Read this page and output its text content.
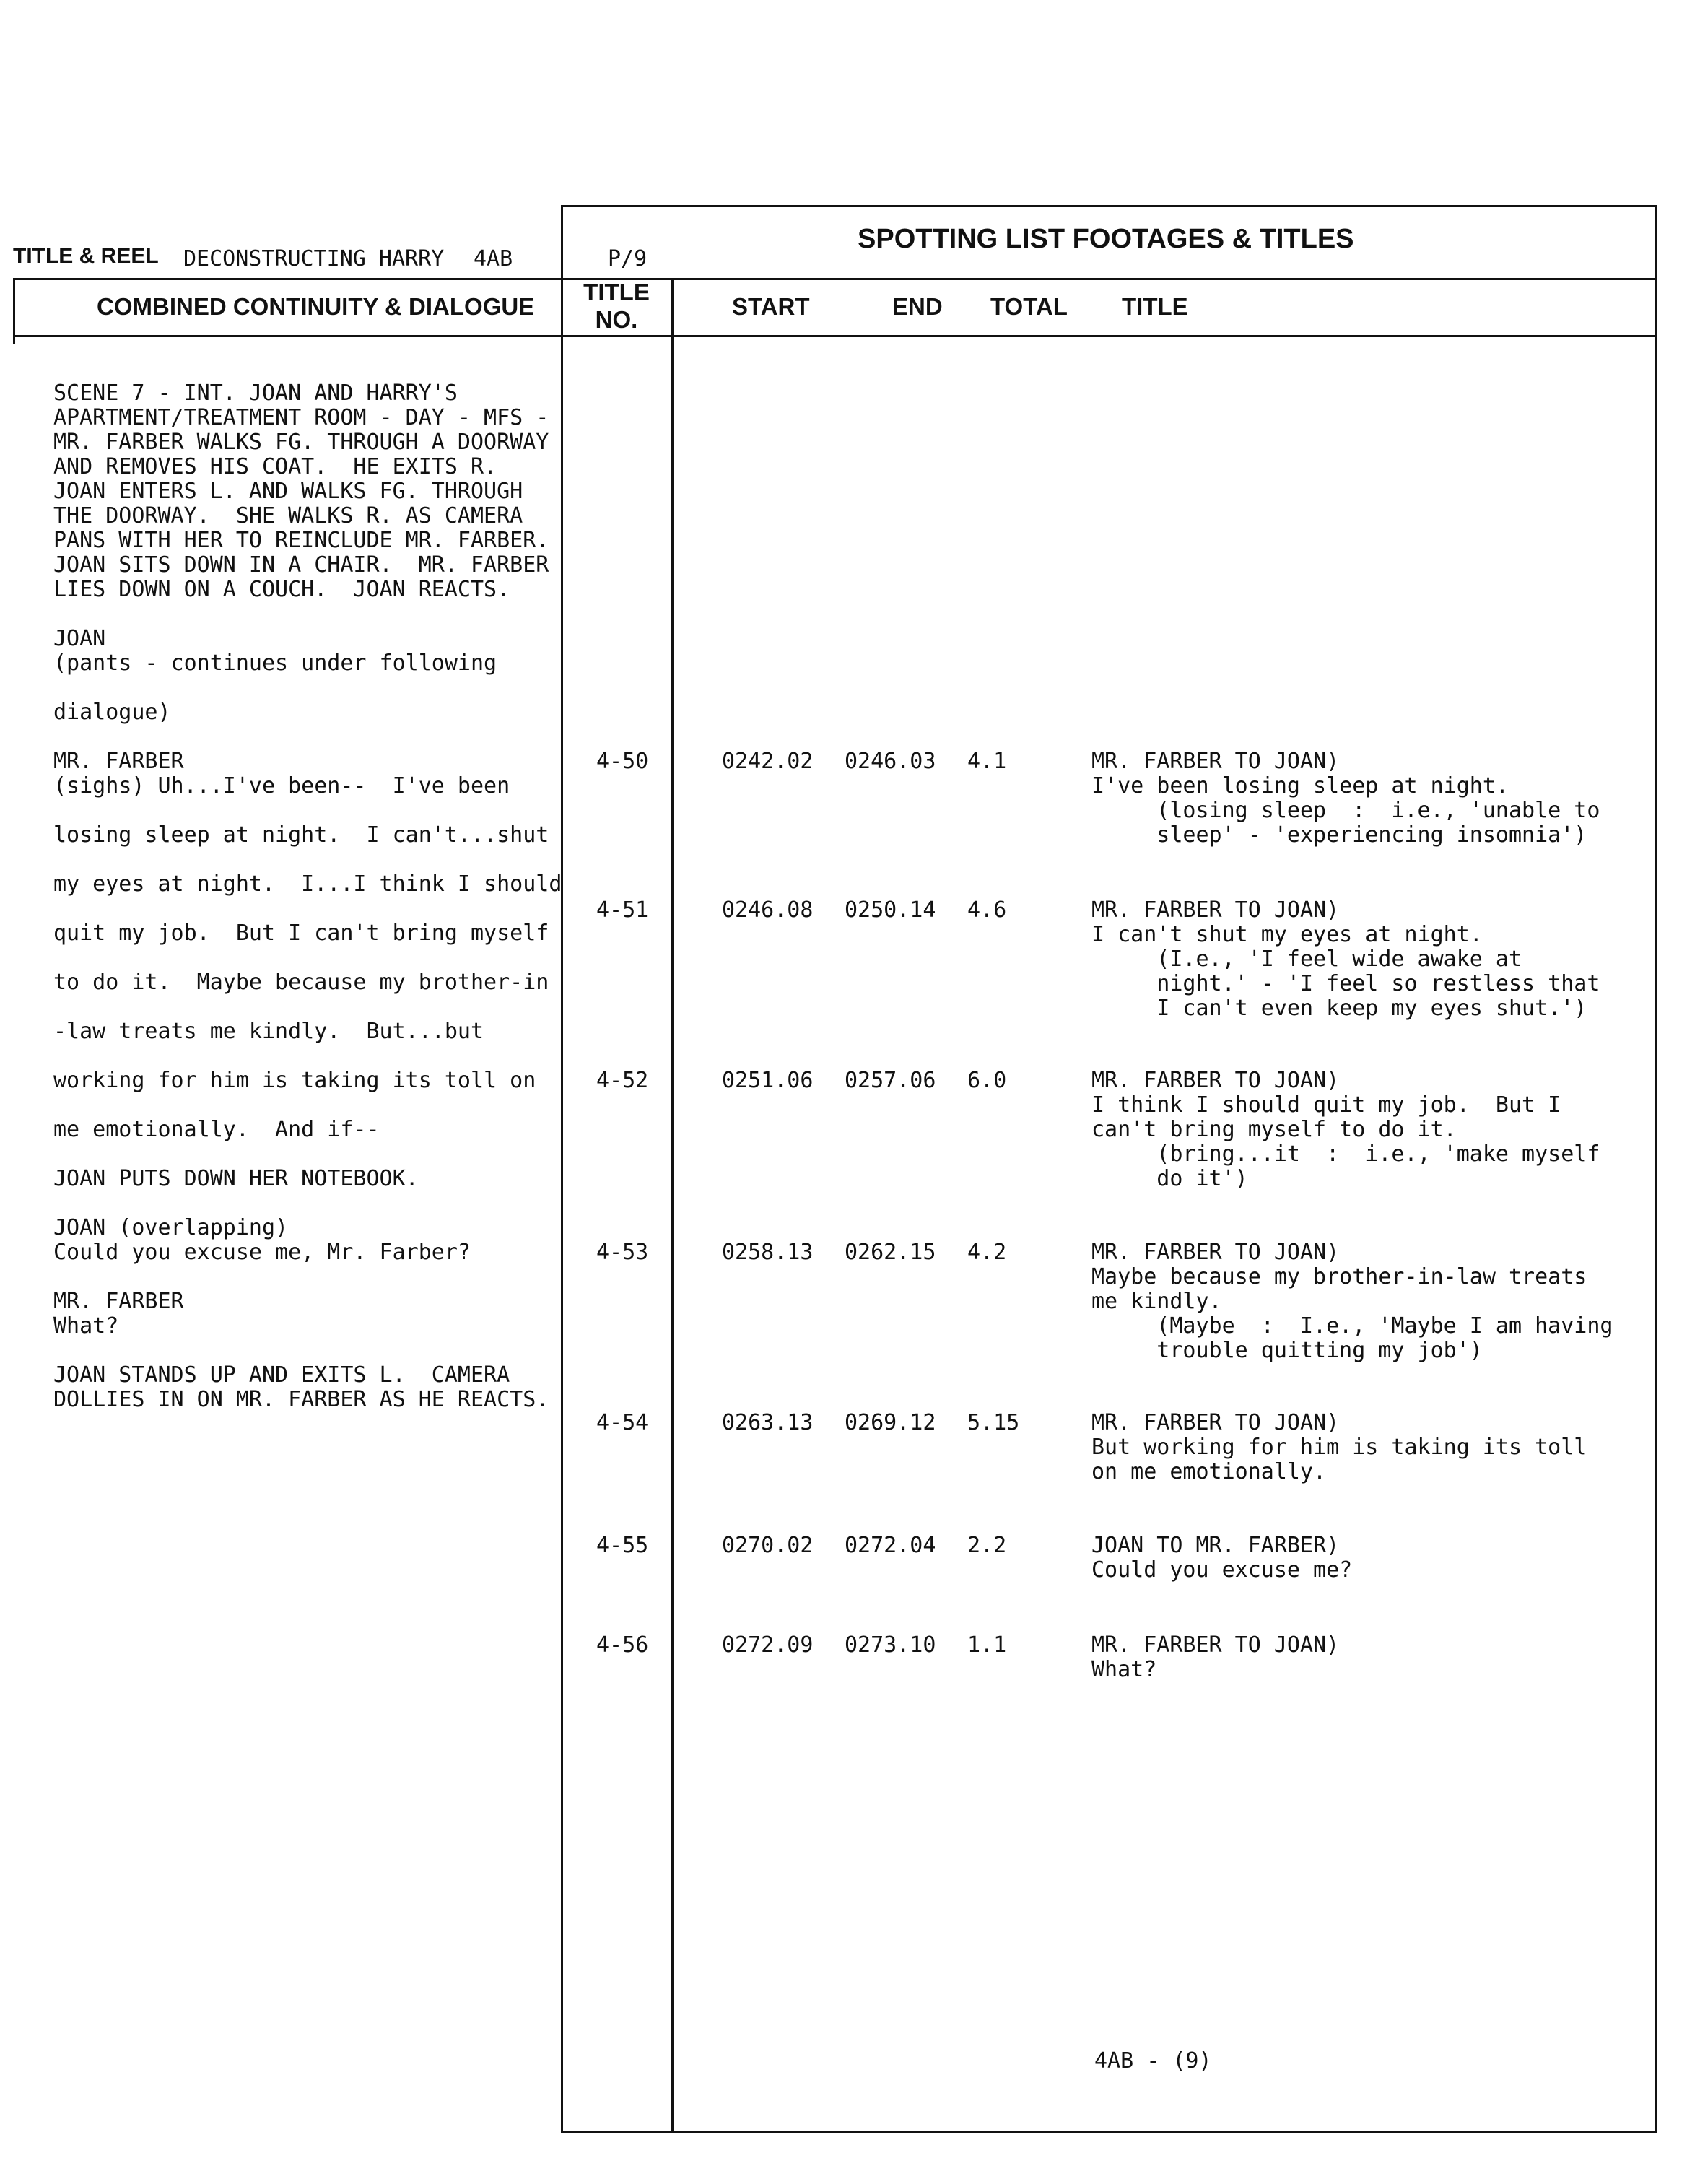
TITLE & REEL DECONSTRUCTING HARRY 4AB	P/9
SPOTTING LIST FOOTAGES & TITLES
COMBINED CONTINUITY & DIALOGUE
TITLE NO.	START	END TOTAL TITLE
SCENE 7 - INT. JOAN AND HARRY'S
APARTMENT/TREATMENT ROOM - DAY - MFS -
MR. FARBER WALKS FG. THROUGH A DOORWAY
AND REMOVES HIS COAT.  HE EXITS R.
JOAN ENTERS L. AND WALKS FG. THROUGH
THE DOORWAY.  SHE WALKS R. AS CAMERA
PANS WITH HER TO REINCLUDE MR. FARBER.
JOAN SITS DOWN IN A CHAIR.  MR. FARBER
LIES DOWN ON A COUCH.  JOAN REACTS.
JOAN
(pants - continues under following
dialogue)
MR. FARBER
(sighs) Uh...I've been--  I've been
losing sleep at night.  I can't...shut
my eyes at night.  I...I think I should
quit my job.  But I can't bring myself
to do it.  Maybe because my brother-in
-law treats me kindly.  But...but
working for him is taking its toll on
me emotionally.  And if--
JOAN PUTS DOWN HER NOTEBOOK.
JOAN (overlapping)
Could you excuse me, Mr. Farber?
MR. FARBER
What?
JOAN STANDS UP AND EXITS L.  CAMERA
DOLLIES IN ON MR. FARBER AS HE REACTS.
4-50	0242.02 0246.03 4.1	MR. FARBER TO JOAN)
I've been losing sleep at night.
(losing sleep  :  i.e., 'unable to
sleep' - 'experiencing insomnia')
4-51	0246.08 0250.14 4.6	MR. FARBER TO JOAN)
I can't shut my eyes at night.
(I.e., 'I feel wide awake at
night.' - 'I feel so restless that
I can't even keep my eyes shut.')
4-52	0251.06 0257.06 6.0	MR. FARBER TO JOAN)
I think I should quit my job.  But I
can't bring myself to do it.
(bring...it  :  i.e., 'make myself
do it')
4-53	0258.13 0262.15 4.2	MR. FARBER TO JOAN)
Maybe because my brother-in-law treats
me kindly.
(Maybe  :  I.e., 'Maybe I am having
trouble quitting my job')
4-54	0263.13 0269.12 5.15	MR. FARBER TO JOAN)
But working for him is taking its toll
on me emotionally.
4-55	0270.02 0272.04 2.2	JOAN TO MR. FARBER)
Could you excuse me?
4-56	0272.09 0273.10 1.1	MR. FARBER TO JOAN)
What?
4AB - (9)
